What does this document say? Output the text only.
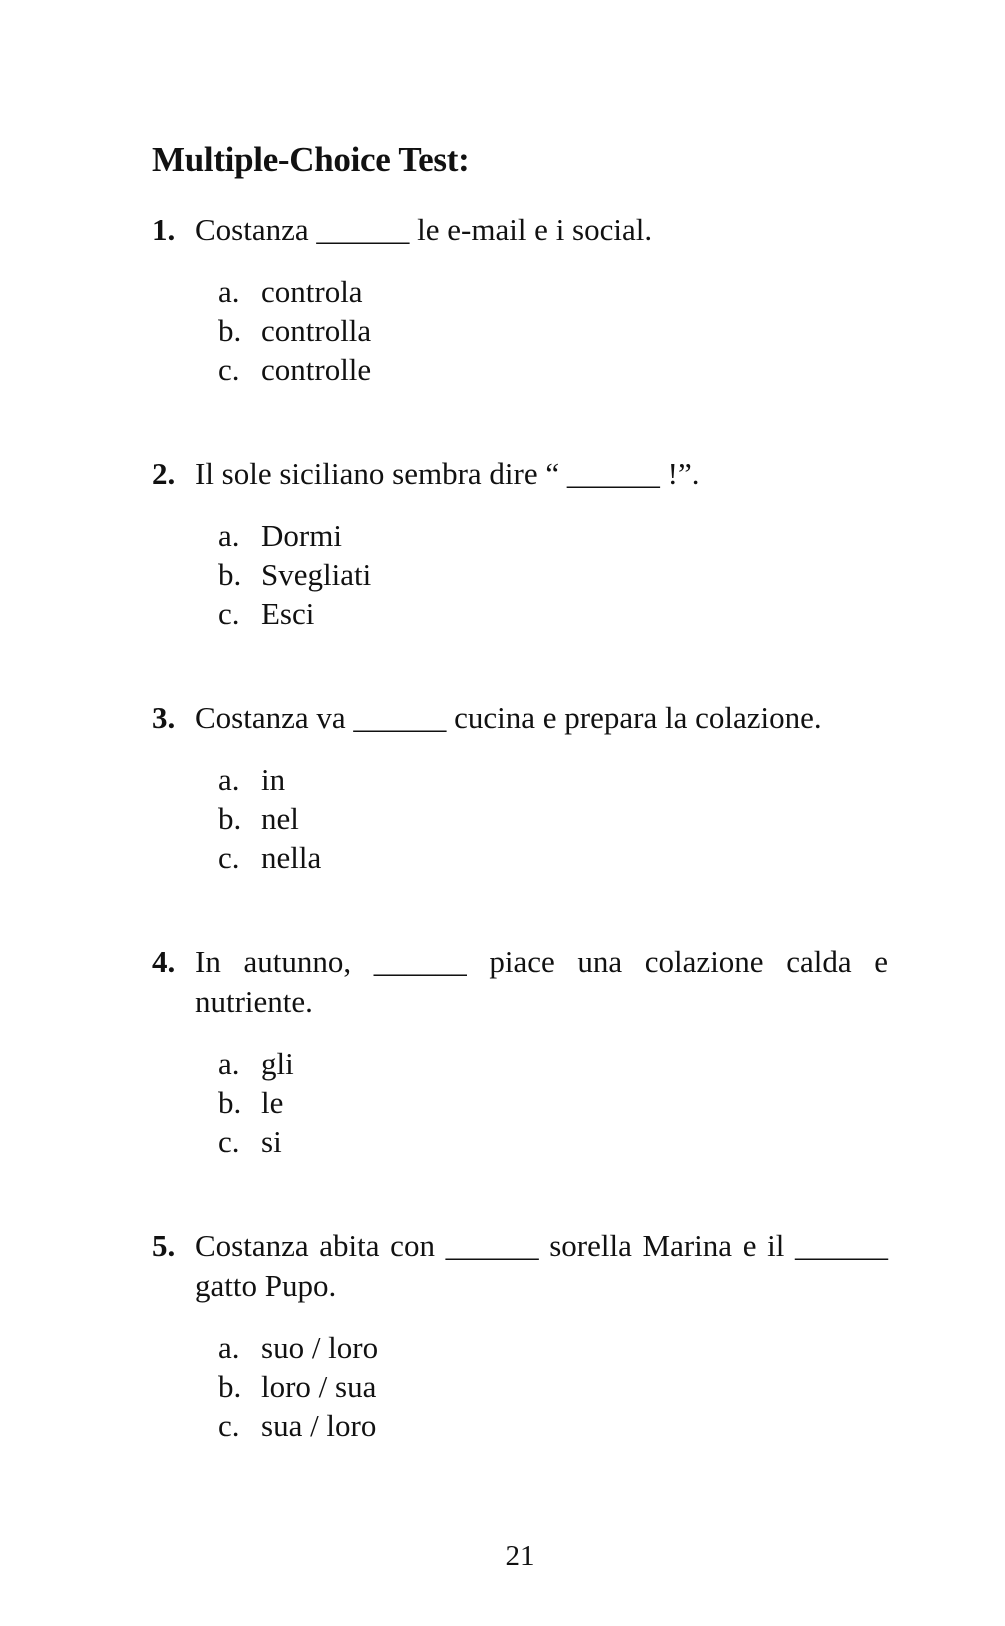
Multiple-Choice Test:
1. Costanza ______ le e-mail e i social.
a. controla
b. controlla
c. controlle
2. Il sole siciliano sembra dire “ ______ !”.
a. Dormi
b. Svegliati
c. Esci
3. Costanza va ______ cucina e prepara la colazione.
a. in
b. nel
c. nella
4. In autunno, ______ piace una colazione calda e nutriente.
a. gli
b. le
c. si
5. Costanza abita con ______ sorella Marina e il ______ gatto Pupo.
a. suo / loro
b. loro / sua
c. sua / loro
21
